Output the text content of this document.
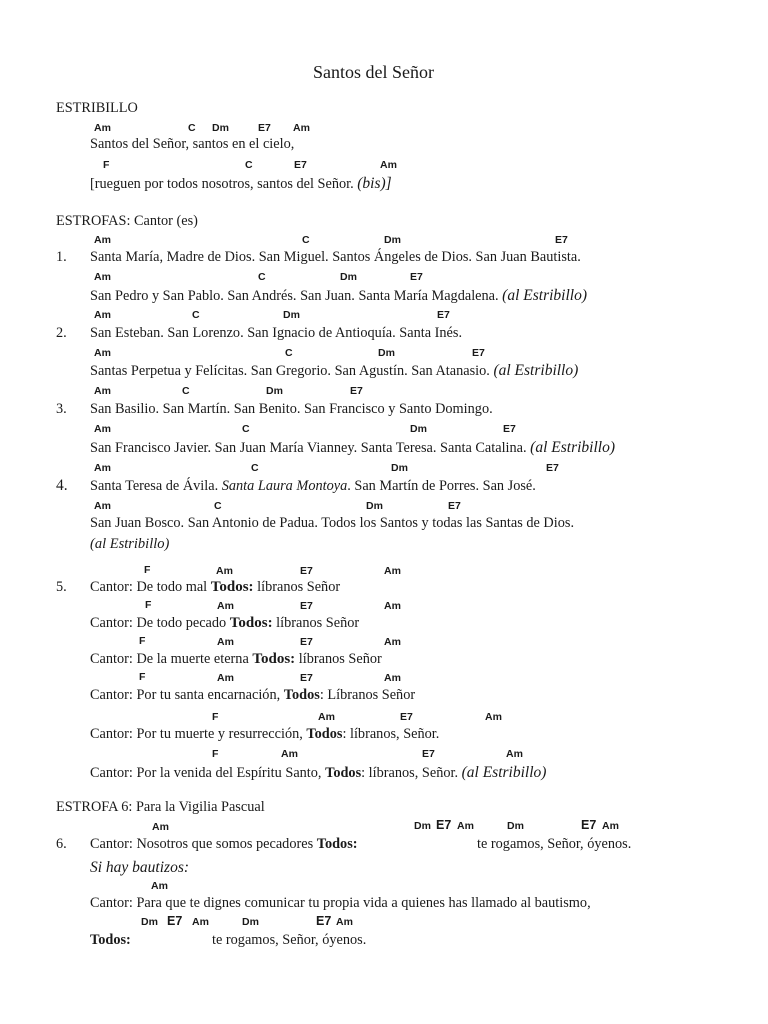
Santos del Señor
ESTRIBILLO
Am	C Dm	E7 Am
Santos del Señor, santos en el cielo,
F	C	E7	Am
[rueguen por todos nosotros, santos del Señor. (bis)]
ESTROFAS: Cantor (es)
Am	C	Dm	E7
1. Santa María, Madre de Dios. San Miguel. Santos Ángeles de Dios. San Juan Bautista.
Am	C	Dm	E7
San Pedro y San Pablo. San Andrés. San Juan. Santa María Magdalena. (al Estribillo)
Am	C	Dm	E7
2. San Esteban. San Lorenzo. San Ignacio de Antioquía. Santa Inés.
Am	C	Dm	E7
Santas Perpetua y Felícitas. San Gregorio. San Agustín. San Atanasio. (al Estribillo)
Am	C	Dm	E7
3. San Basilio. San Martín. San Benito. San Francisco y Santo Domingo.
Am	C	Dm	E7
San Francisco Javier. San Juan María Vianney. Santa Teresa. Santa Catalina. (al Estribillo)
Am	C	Dm	E7
4. Santa Teresa de Ávila. Santa Laura Montoya. San Martín de Porres. San José.
Am	C	Dm	E7
San Juan Bosco. San Antonio de Padua. Todos los Santos y todas las Santas de Dios.
(al Estribillo)
F	Am	E7	Am
5. Cantor: De todo mal Todos: líbranos Señor
F	Am	E7	Am
Cantor: De todo pecado Todos: líbranos Señor
F	Am	E7	Am
Cantor: De la muerte eterna Todos: líbranos Señor
F	Am	E7	Am
Cantor: Por tu santa encarnación, Todos: Líbranos Señor
F	Am	E7	Am
Cantor: Por tu muerte y resurrección, Todos: líbranos, Señor.
F	Am	E7	Am
Cantor: Por la venida del Espíritu Santo, Todos: líbranos, Señor. (al Estribillo)
ESTROFA 6: Para la Vigilia Pascual
Am	Dm E7 Am	Dm	E7 Am
6. Cantor: Nosotros que somos pecadores Todos:	te rogamos, Señor, óyenos.
Si hay bautizos:
Am
Cantor: Para que te dignes comunicar tu propia vida a quienes has llamado al bautismo,
Dm E7 Am	Dm	E7 Am
Todos:	te rogamos, Señor, óyenos.
